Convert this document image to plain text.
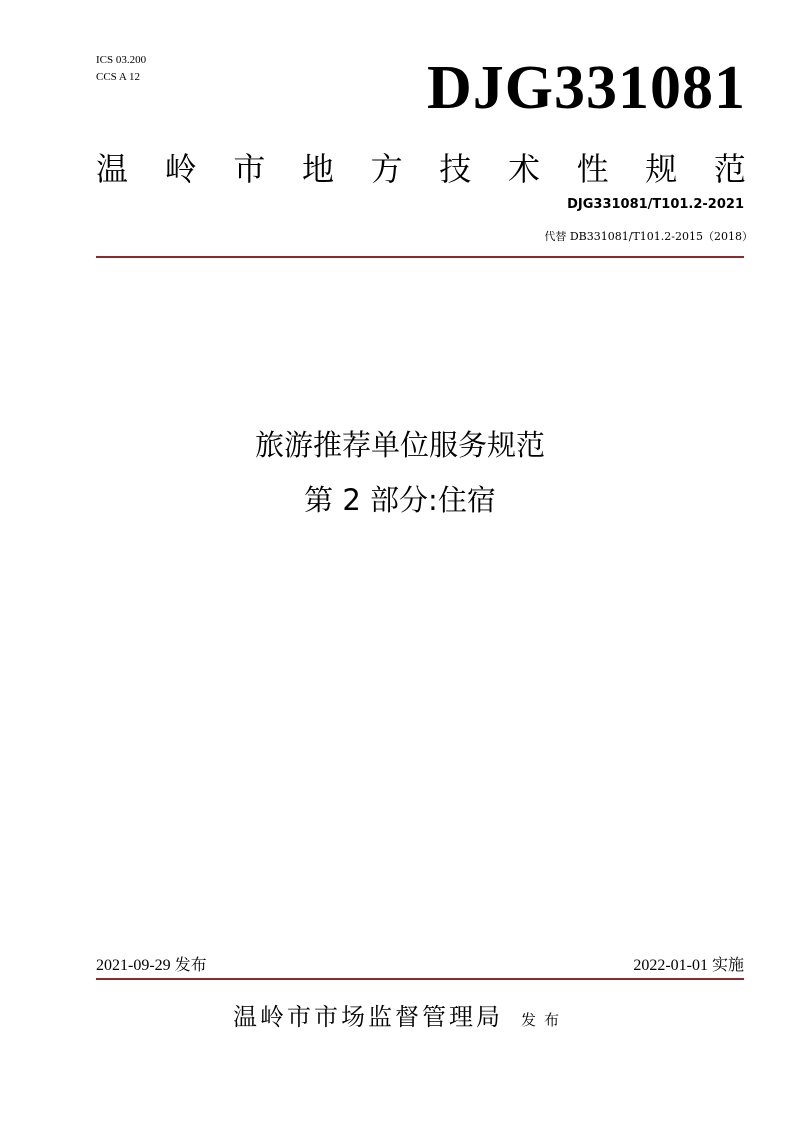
ICS 03.200
CCS A 12	DJG331081
温 岭 市 地 方 技 术 性 规 范
DJG331081/T101.2-2021
代替 DB331081/T101.2-2015（2018）
旅游推荐单位服务规范
第 2 部分:住宿
2021-09-29 发布	2022-01-01 实施
温岭市市场监督管理局 发布
